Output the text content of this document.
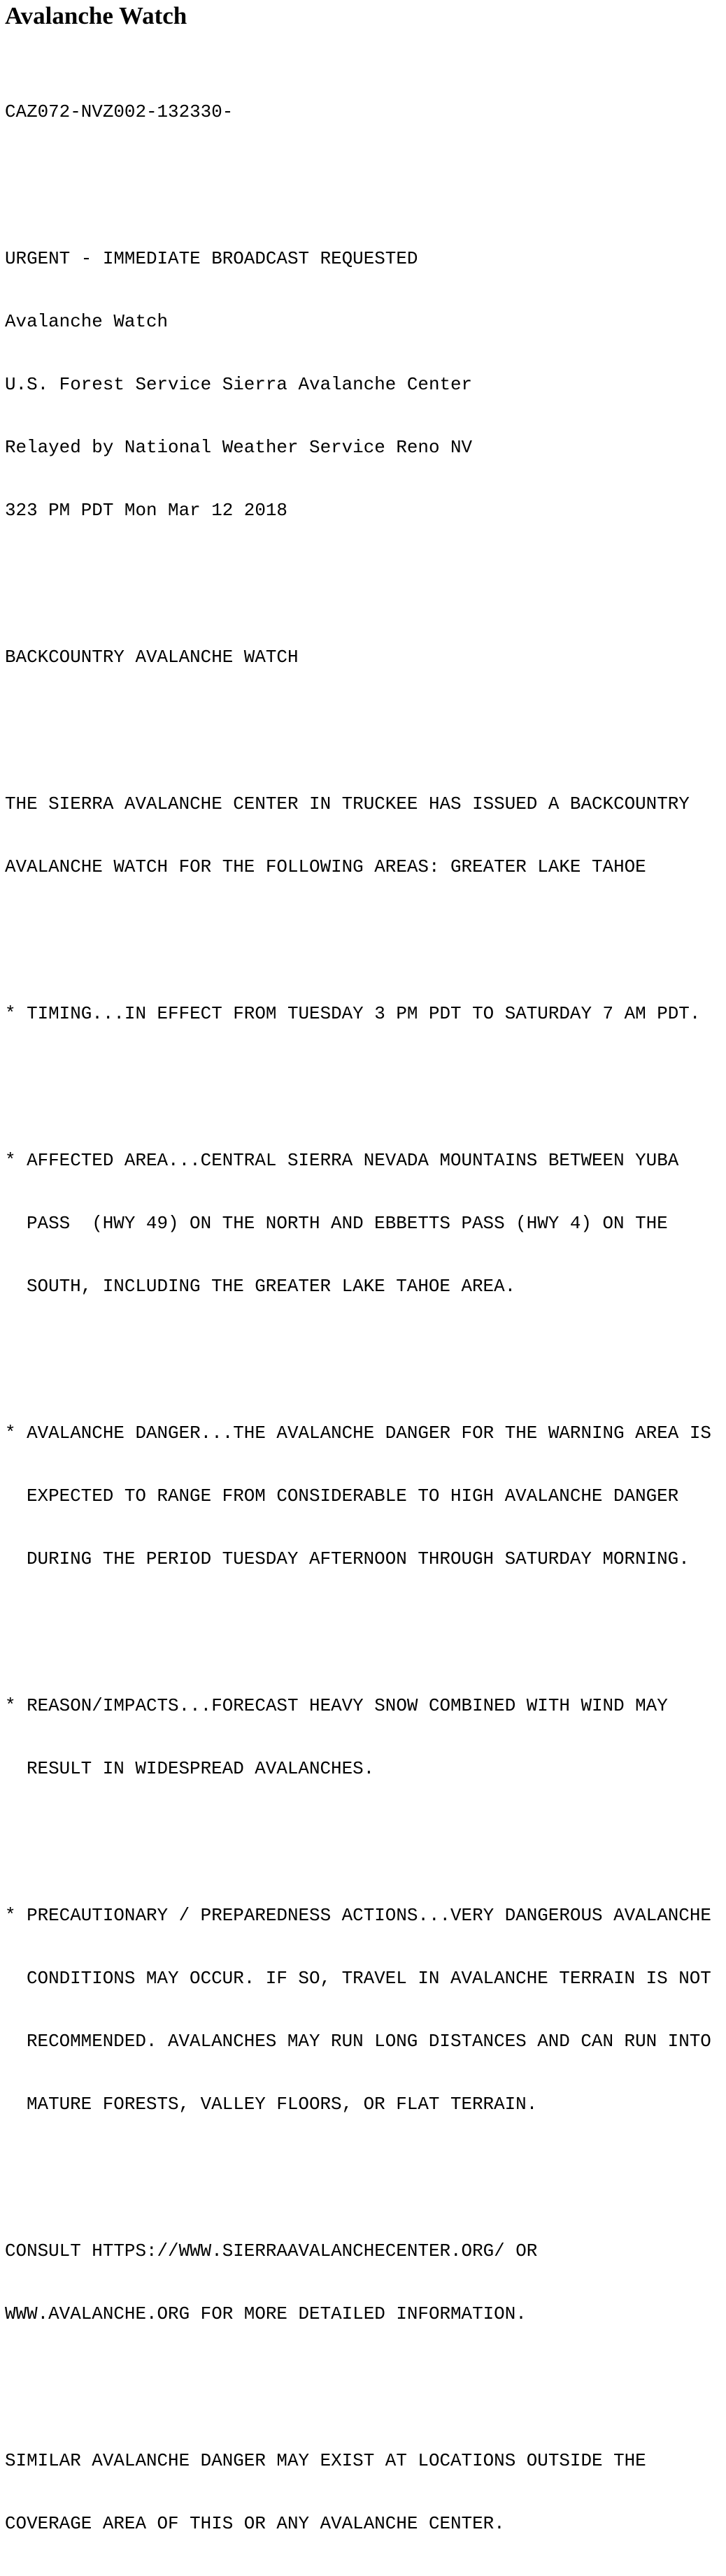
Avalanche Watch

CAZ072-NVZ002-132330-

URGENT - IMMEDIATE BROADCAST REQUESTED

Avalanche Watch

U.S. Forest Service Sierra Avalanche Center

Relayed by National Weather Service Reno NV

323 PM PDT Mon Mar 12 2018

BACKCOUNTRY AVALANCHE WATCH

THE SIERRA AVALANCHE CENTER IN TRUCKEE HAS ISSUED A BACKCOUNTRY

AVALANCHE WATCH FOR THE FOLLOWING AREAS: GREATER LAKE TAHOE

* TIMING...IN EFFECT FROM TUESDAY 3 PM PDT TO SATURDAY 7 AM PDT.

* AFFECTED AREA...CENTRAL SIERRA NEVADA MOUNTAINS BETWEEN YUBA

PASS  (HWY 49) ON THE NORTH AND EBBETTS PASS (HWY 4) ON THE

SOUTH, INCLUDING THE GREATER LAKE TAHOE AREA.

* AVALANCHE DANGER...THE AVALANCHE DANGER FOR THE WARNING AREA IS

EXPECTED TO RANGE FROM CONSIDERABLE TO HIGH AVALANCHE DANGER

DURING THE PERIOD TUESDAY AFTERNOON THROUGH SATURDAY MORNING.

* REASON/IMPACTS...FORECAST HEAVY SNOW COMBINED WITH WIND MAY

RESULT IN WIDESPREAD AVALANCHES.

* PRECAUTIONARY / PREPAREDNESS ACTIONS...VERY DANGEROUS AVALANCHE

CONDITIONS MAY OCCUR. IF SO, TRAVEL IN AVALANCHE TERRAIN IS NOT

RECOMMENDED. AVALANCHES MAY RUN LONG DISTANCES AND CAN RUN INTO

MATURE FORESTS, VALLEY FLOORS, OR FLAT TERRAIN.

CONSULT HTTPS://WWW.SIERRAAVALANCHECENTER.ORG/ OR

WWW.AVALANCHE.ORG FOR MORE DETAILED INFORMATION.

SIMILAR AVALANCHE DANGER MAY EXIST AT LOCATIONS OUTSIDE THE

COVERAGE AREA OF THIS OR ANY AVALANCHE CENTER.
